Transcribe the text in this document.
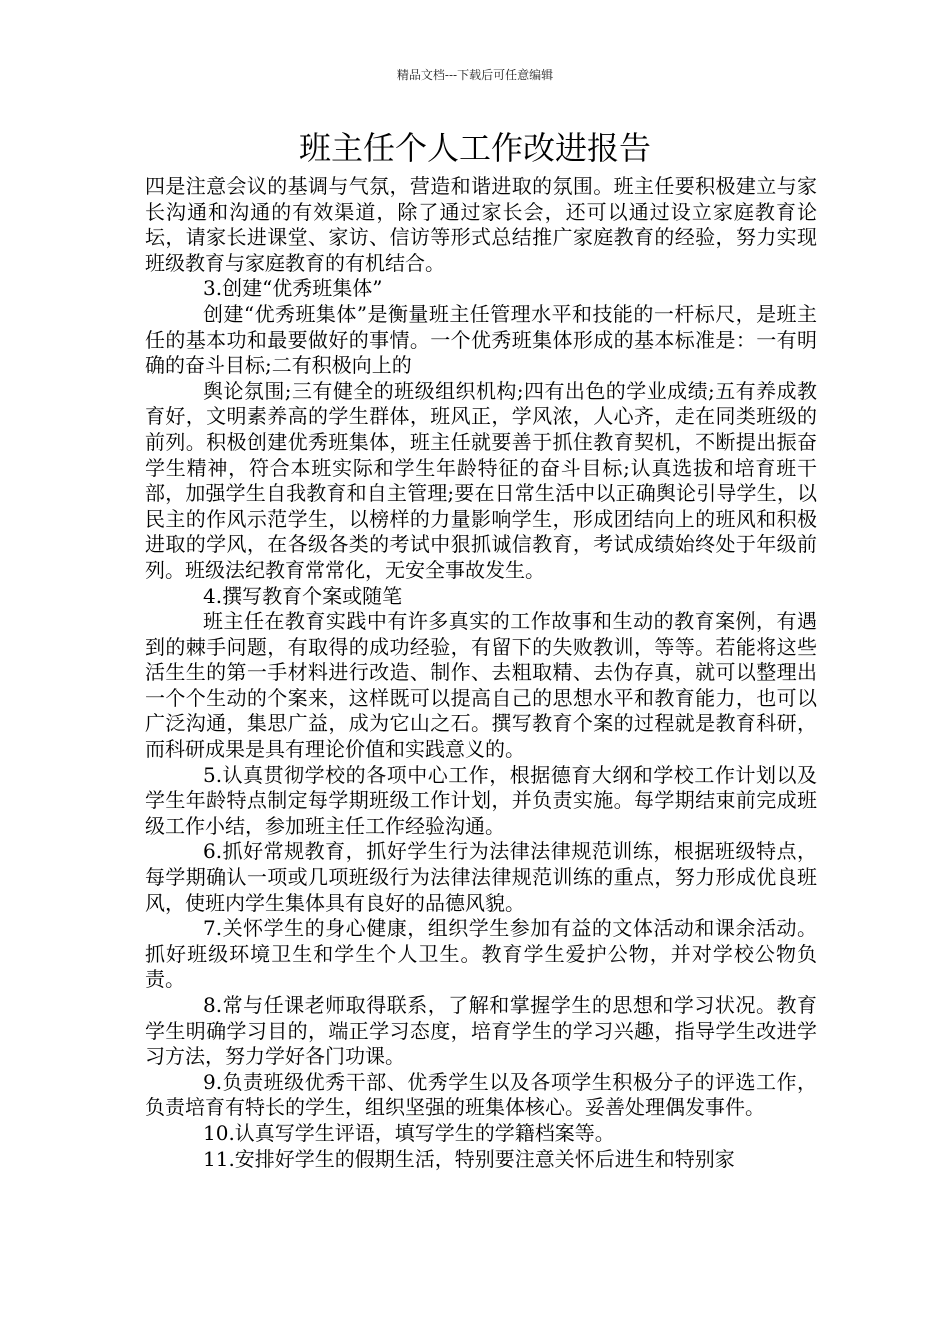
精品文档---下载后可任意编辑
班主任个人工作改进报告

四是注意会议的基调与气氛，营造和谐进取的氛围。班主任要积极建立与家长沟通和沟通的有效渠道，除了通过家长会，还可以通过设立家庭教育论坛，请家长进课堂、家访、信访等形式总结推广家庭教育的经验，努力实现班级教育与家庭教育的有机结合。

3.创建“优秀班集体”

创建“优秀班集体”是衡量班主任管理水平和技能的一杆标尺，是班主任的基本功和最要做好的事情。一个优秀班集体形成的基本标准是：一有明确的奋斗目标;二有积极向上的

舆论氛围;三有健全的班级组织机构;四有出色的学业成绩;五有养成教育好，文明素养高的学生群体，班风正，学风浓，人心齐，走在同类班级的前列。积极创建优秀班集体，班主任就要善于抓住教育契机，不断提出振奋学生精神，符合本班实际和学生年龄特征的奋斗目标;认真选拔和培育班干部，加强学生自我教育和自主管理;要在日常生活中以正确舆论引导学生，以民主的作风示范学生，以榜样的力量影响学生，形成团结向上的班风和积极进取的学风，在各级各类的考试中狠抓诚信教育，考试成绩始终处于年级前列。班级法纪教育常常化，无安全事故发生。

4.撰写教育个案或随笔

班主任在教育实践中有许多真实的工作故事和生动的教育案例，有遇到的棘手问题，有取得的成功经验，有留下的失败教训，等等。若能将这些活生生的第一手材料进行改造、制作、去粗取精、去伪存真，就可以整理出一个个生动的个案来，这样既可以提高自己的思想水平和教育能力，也可以广泛沟通，集思广益，成为它山之石。撰写教育个案的过程就是教育科研，而科研成果是具有理论价值和实践意义的。

5.认真贯彻学校的各项中心工作，根据德育大纲和学校工作计划以及学生年龄特点制定每学期班级工作计划，并负责实施。每学期结束前完成班级工作小结，参加班主任工作经验沟通。

6.抓好常规教育，抓好学生行为法律法律规范训练，根据班级特点，每学期确认一项或几项班级行为法律法律规范训练的重点，努力形成优良班风，使班内学生集体具有良好的品德风貌。

7.关怀学生的身心健康，组织学生参加有益的文体活动和课余活动。抓好班级环境卫生和学生个人卫生。教育学生爱护公物，并对学校公物负责。

8.常与任课老师取得联系，了解和掌握学生的思想和学习状况。教育学生明确学习目的，端正学习态度，培育学生的学习兴趣，指导学生改进学习方法，努力学好各门功课。

9.负责班级优秀干部、优秀学生以及各项学生积极分子的评选工作，负责培育有特长的学生，组织坚强的班集体核心。妥善处理偶发事件。

10.认真写学生评语，填写学生的学籍档案等。

11.安排好学生的假期生活，特别要注意关怀后进生和特别家
